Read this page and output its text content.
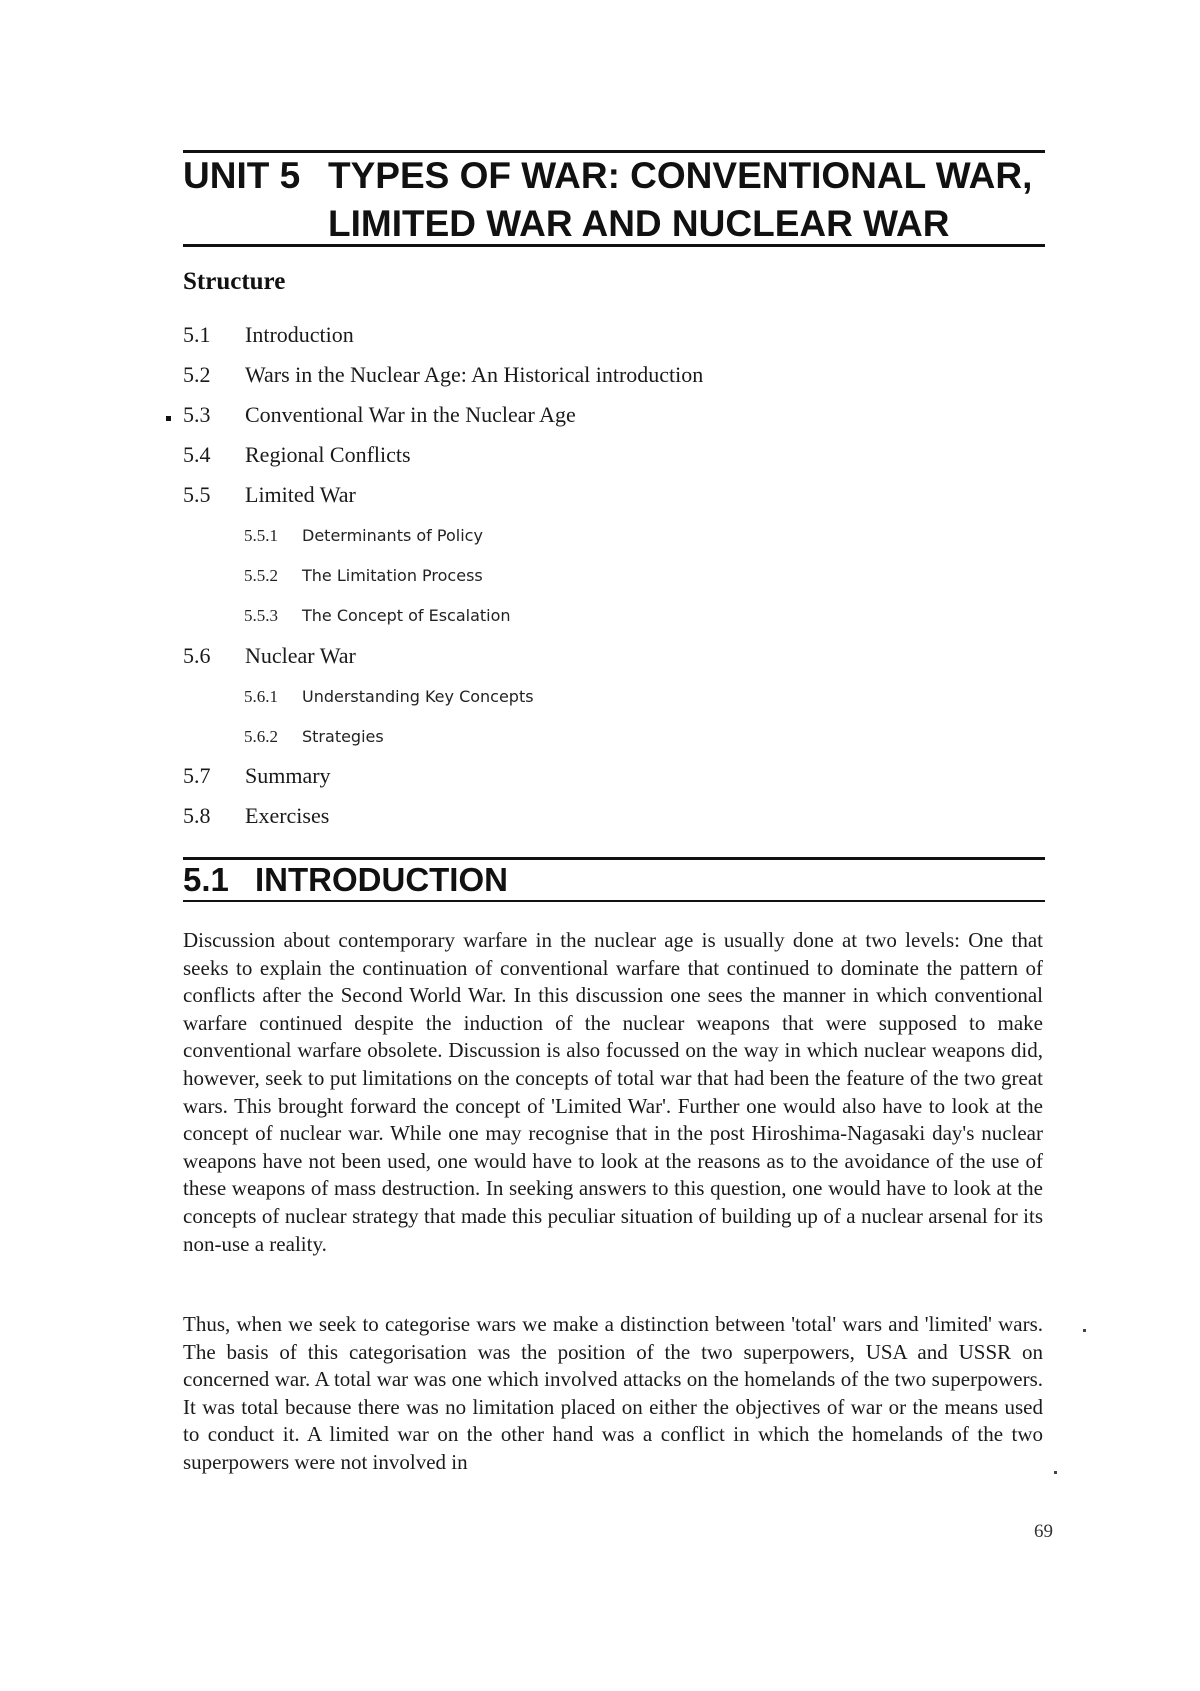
UNIT 5 TYPES OF WAR: CONVENTIONAL WAR,
LIMITED WAR AND NUCLEAR WAR
Structure
5.1	Introduction
5.2	Wars in the Nuclear Age: An Historical introduction
5.3	Conventional War in the Nuclear Age
5.4	Regional Conflicts
5.5	Limited War
5.5.1	Determinants of Policy
5.5.2	The Limitation Process
5.5.3	The Concept of Escalation
5.6	Nuclear War
5.6.1	Understanding Key Concepts
5.6.2	Strategies
5.7	Summary
5.8	Exercises
5.1 INTRODUCTION

Discussion about contemporary warfare in the nuclear age is usually done at two levels: One that seeks to explain the continuation of conventional warfare that continued to dominate the pattern of conflicts after the Second World War. In this discussion one sees the manner in which conventional warfare continued despite the induction of the nuclear weapons that were supposed to make conventional warfare obsolete. Discussion is also focussed on the way in which nuclear weapons did, however, seek to put limitations on the concepts of total war that had been the feature of the two great wars. This brought forward the concept of 'Limited War'. Further one would also have to look at the concept of nuclear war. While one may recognise that in the post Hiroshima-Nagasaki day's nuclear weapons have not been used, one would have to look at the reasons as to the avoidance of the use of these weapons of mass destruction. In seeking answers to this question, one would have to look at the concepts of nuclear strategy that made this peculiar situation of building up of a nuclear arsenal for its non-use a reality.

Thus, when we seek to categorise wars we make a distinction between 'total' wars and 'limited' wars. The basis of this categorisation was the position of the two superpowers, USA and USSR on concerned war. A total war was one which involved attacks on the homelands of the two superpowers. It was total because there was no limitation placed on either the objectives of war or the means used to conduct it. A limited war on the other hand was a conflict in which the homelands of the two superpowers were not involved in

69
